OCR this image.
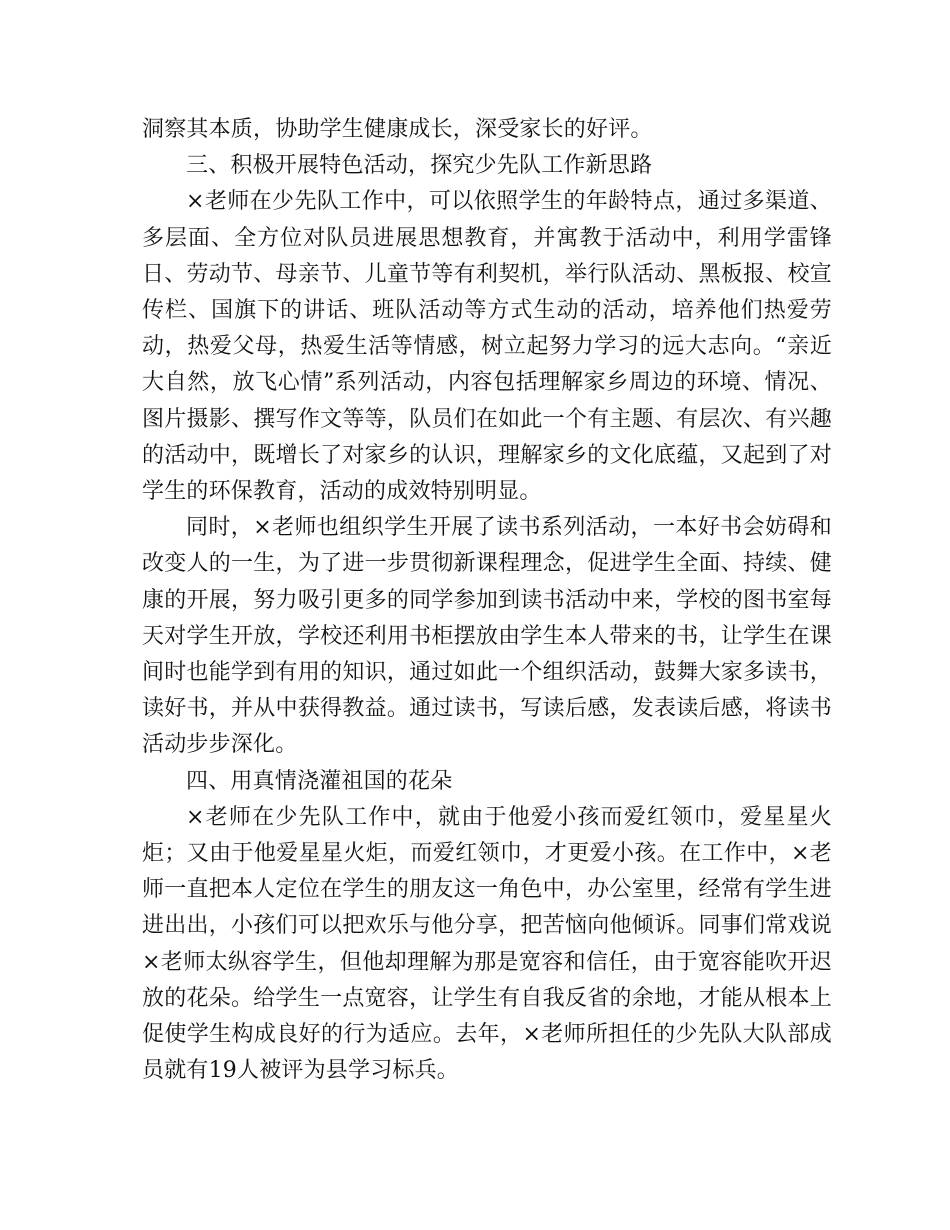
洞察其本质，协助学生健康成长，深受家长的好评。

三、积极开展特色活动，探究少先队工作新思路

×老师在少先队工作中，可以依照学生的年龄特点，通过多渠道、多层面、全方位对队员进展思想教育，并寓教于活动中，利用学雷锋日、劳动节、母亲节、儿童节等有利契机，举行队活动、黑板报、校宣传栏、国旗下的讲话、班队活动等方式生动的活动，培养他们热爱劳动，热爱父母，热爱生活等情感，树立起努力学习的远大志向。“亲近大自然，放飞心情”系列活动，内容包括理解家乡周边的环境、情况、图片摄影、撰写作文等等，队员们在如此一个有主题、有层次、有兴趣的活动中，既增长了对家乡的认识，理解家乡的文化底蕴，又起到了对学生的环保教育，活动的成效特别明显。

同时，×老师也组织学生开展了读书系列活动，一本好书会妨碍和改变人的一生，为了进一步贯彻新课程理念，促进学生全面、持续、健康的开展，努力吸引更多的同学参加到读书活动中来，学校的图书室每天对学生开放，学校还利用书柜摆放由学生本人带来的书，让学生在课间时也能学到有用的知识，通过如此一个组织活动，鼓舞大家多读书，读好书，并从中获得教益。通过读书，写读后感，发表读后感，将读书活动步步深化。

四、用真情浇灌祖国的花朵

×老师在少先队工作中，就由于他爱小孩而爱红领巾，爱星星火炬；又由于他爱星星火炬，而爱红领巾，才更爱小孩。在工作中，×老师一直把本人定位在学生的朋友这一角色中，办公室里，经常有学生进进出出，小孩们可以把欢乐与他分享，把苦恼向他倾诉。同事们常戏说×老师太纵容学生，但他却理解为那是宽容和信任，由于宽容能吹开迟放的花朵。给学生一点宽容，让学生有自我反省的余地，才能从根本上促使学生构成良好的行为适应。去年，×老师所担任的少先队大队部成员就有19人被评为县学习标兵。
